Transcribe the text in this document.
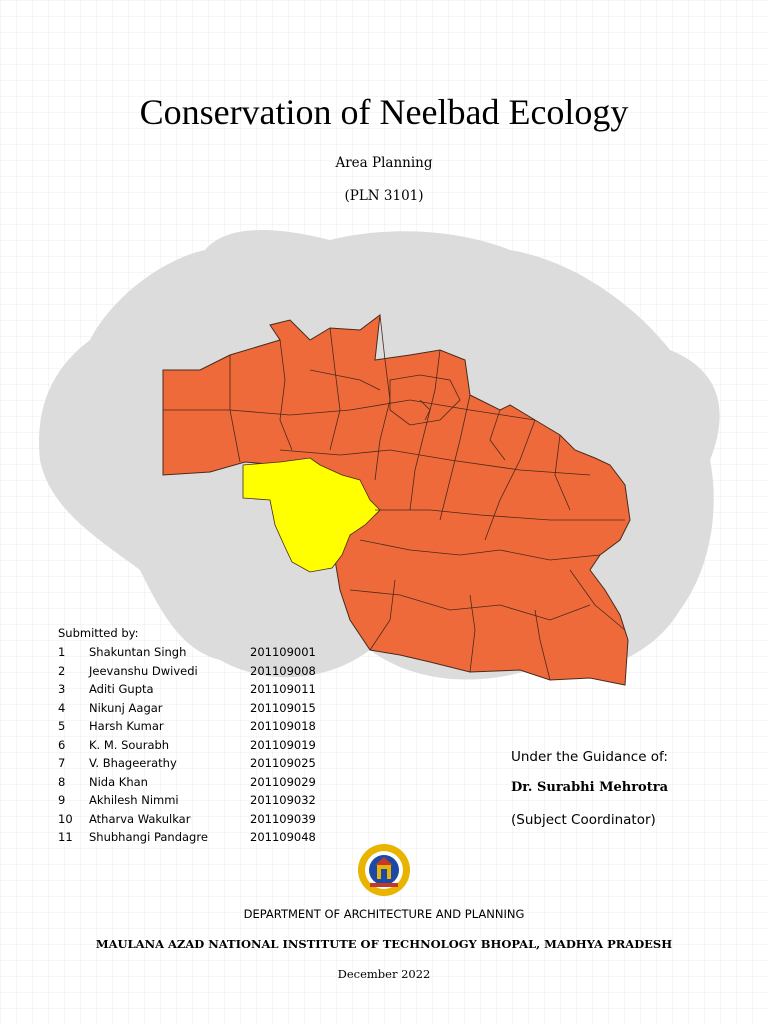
Conservation of Neelbad Ecology
Area Planning
(PLN 3101)
Submitted by:
1 Shakuntan Singh	201109001
2 Jeevanshu Dwivedi	201109008
3 Aditi Gupta	201109011
4 Nikunj Aagar	201109015
5 Harsh Kumar	201109018
6 K. M. Sourabh	201109019
7 V. Bhageerathy	201109025
8 Nida Khan	201109029
9 Akhilesh Nimmi	201109032
10 Atharva Wakulkar	201109039
11 Shubhangi Pandagre	201109048
Under the Guidance of:
Dr. Surabhi Mehrotra
(Subject Coordinator)
DEPARTMENT OF ARCHITECTURE AND PLANNING
MAULANA AZAD NATIONAL INSTITUTE OF TECHNOLOGY BHOPAL, MADHYA PRADESH
December 2022
